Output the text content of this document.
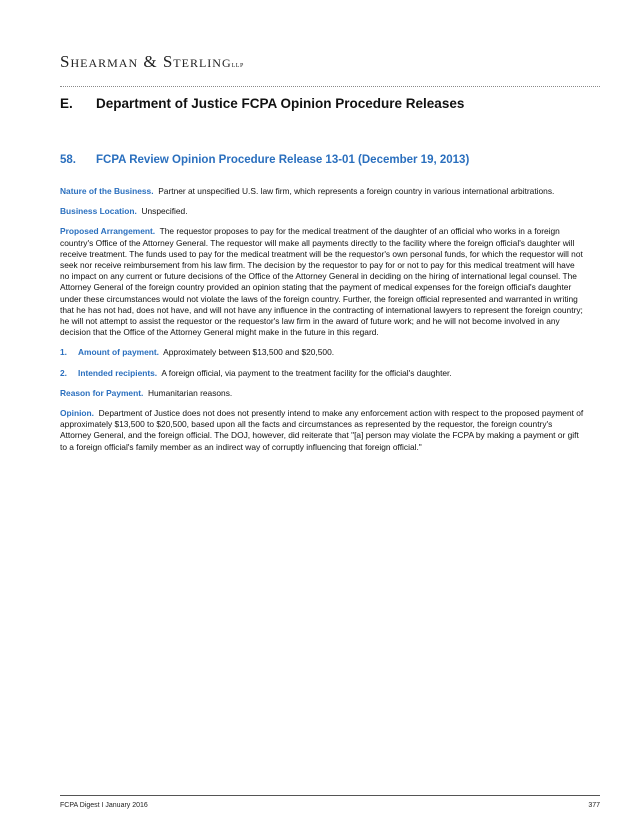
Shearman & SterlingLLP
E. Department of Justice FCPA Opinion Procedure Releases
58. FCPA Review Opinion Procedure Release 13-01 (December 19, 2013)

Nature of the Business. Partner at unspecified U.S. law firm, which represents a foreign country in various international arbitrations.

Business Location. Unspecified.

Proposed Arrangement. The requestor proposes to pay for the medical treatment of the daughter of an official who works in a foreign country's Office of the Attorney General. The requestor will make all payments directly to the facility where the foreign official's daughter will receive treatment. The funds used to pay for the medical treatment will be the requestor's own personal funds, for which the requestor will not seek nor receive reimbursement from his law firm. The decision by the requestor to pay for or not to pay for this medical treatment will have no impact on any current or future decisions of the Office of the Attorney General in deciding on the hiring of international legal counsel. The Attorney General of the foreign country provided an opinion stating that the payment of medical expenses for the foreign official's daughter under these circumstances would not violate the laws of the foreign country. Further, the foreign official represented and warranted in writing that he has not had, does not have, and will not have any influence in the contracting of international lawyers to represent the foreign country; he will not attempt to assist the requestor or the requestor's law firm in the award of future work; and he will not become involved in any decision that the Office of the Attorney General might make in the future in this regard.

1. Amount of payment. Approximately between $13,500 and $20,500.

2. Intended recipients. A foreign official, via payment to the treatment facility for the official's daughter.

Reason for Payment. Humanitarian reasons.

Opinion. Department of Justice does not does not presently intend to make any enforcement action with respect to the proposed payment of approximately $13,500 to $20,500, based upon all the facts and circumstances as represented by the requestor, the foreign country's Attorney General, and the foreign official. The DOJ, however, did reiterate that "[a] person may violate the FCPA by making a payment or gift to a foreign official's family member as an indirect way of corruptly influencing that foreign official."

FCPA Digest I January 2016	377
